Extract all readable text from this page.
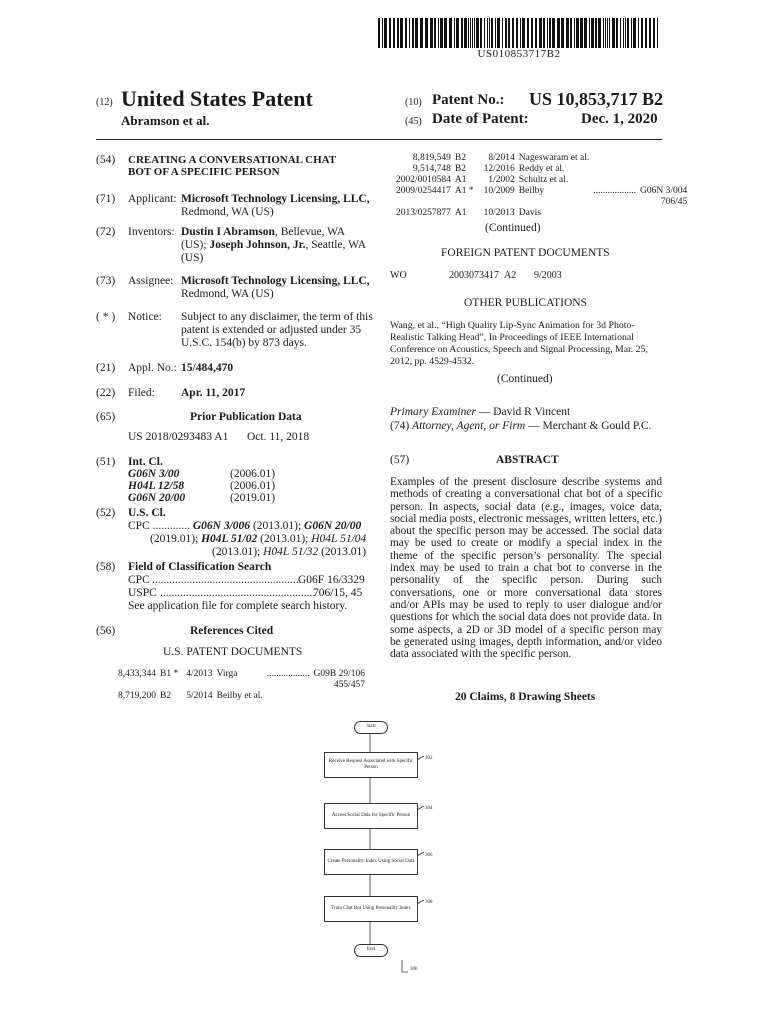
US010853717B2
(12) United States Patent
Abramson et al.
(10) Patent No.: US 10,853,717 B2
(45) Date of Patent:	Dec. 1, 2020
(54) CREATING A CONVERSATIONAL CHAT
BOT OF A SPECIFIC PERSON
(71) Applicant: Microsoft Technology Licensing, LLC,
Redmond, WA (US)
(72) Inventors: Dustin I Abramson, Bellevue, WA
(US); Joseph Johnson, Jr., Seattle, WA
(US)
(73) Assignee: Microsoft Technology Licensing, LLC,
Redmond, WA (US)
( * ) Notice: Subject to any disclaimer, the term of this
patent is extended or adjusted under 35
U.S.C. 154(b) by 873 days.
(21) Appl. No.: 15/484,470
(22) Filed: Apr. 11, 2017
(65)	Prior Publication Data
US 2018/0293483 A1 Oct. 11, 2018
(51) Int. Cl.
G06N 3/00	(2006.01)
H04L 12/58	(2006.01)
G06N 20/00	(2019.01)
(52) U.S. Cl.
CPC ............. G06N 3/006 (2013.01); G06N 20/00
(2019.01); H04L 51/02 (2013.01); H04L 51/04
(2013.01); H04L 51/32 (2013.01)
(58) Field of Classification Search
CPC ....................................................
G06F 16/3329
USPC ......................................................
706/15, 45
See application file for complete search history.
(56)	References Cited
U.S. PATENT DOCUMENTS
8,433,344	B1 *	4/2013	Virga	..................	G09B 29/106
455/457
8,719,200	B2	5/2014	Beilby et al.		
8,819,549	B2	8/2014	Nageswaram et al.		
9,514,748	B2	12/2016	Reddy et al.		
2002/0010584	A1	1/2002	Schultz et al.		
2009/0254417	A1 *	10/2009	Beilby	..................	G06N 3/004
706/45
2013/0257877	A1	10/2013	Davis		
(Continued)
FOREIGN PATENT DOCUMENTS
WO	2003073417 A2 9/2003
OTHER PUBLICATIONS
Wang, et al., “High Quality Lip-Sync Animation for 3d Photo-
Realistic Talking Head”, In Proceedings of IEEE International
Conference on Acoustics, Speech and Signal Processing, Mar. 25,
2012, pp. 4529-4532.
(Continued)
Primary Examiner — David R Vincent
(74) Attorney, Agent, or Firm — Merchant & Gould P.C.
(57)	ABSTRACT
Examples of the present disclosure describe systems and methods of creating a conversational chat bot of a specific person. In aspects, social data (e.g., images, voice data, social media posts, electronic messages, written letters, etc.) about the specific person may be accessed. The social data may be used to create or modify a special index in the theme of the specific person’s personality. The special index may be used to train a chat bot to converse in the personality of the specific person. During such conversations, one or more conversational data stores and/or APIs may be used to reply to user dialogue and/or questions for which the social data does not provide data. In some aspects, a 2D or 3D model of a specific person may be generated using images, depth information, and/or video data associated with the specific person.
20 Claims, 8 Drawing Sheets
Start
Receive Request Associated with Specific Person
302
Access Social Data for Specific Person
304
Create Personality Index Using Social Data
306
Train Chat Bot Using Personality Index
308
End
300
